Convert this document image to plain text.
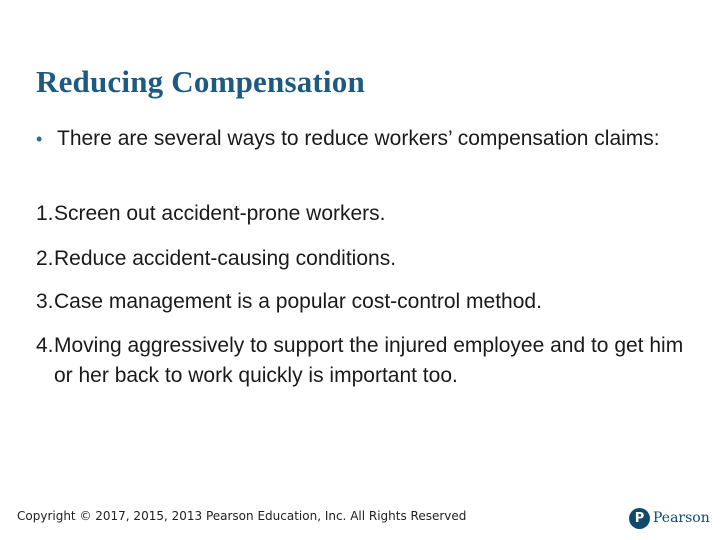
Reducing Compensation
• There are several ways to reduce workers’ compensation claims:
1. Screen out accident-prone workers.
2. Reduce accident-causing conditions.
3. Case management is a popular cost-control method.
4. Moving aggressively to support the injured employee and to get him or her back to work quickly is important too.
Copyright © 2017, 2015, 2013 Pearson Education, Inc. All Rights Reserved	P Pearson
